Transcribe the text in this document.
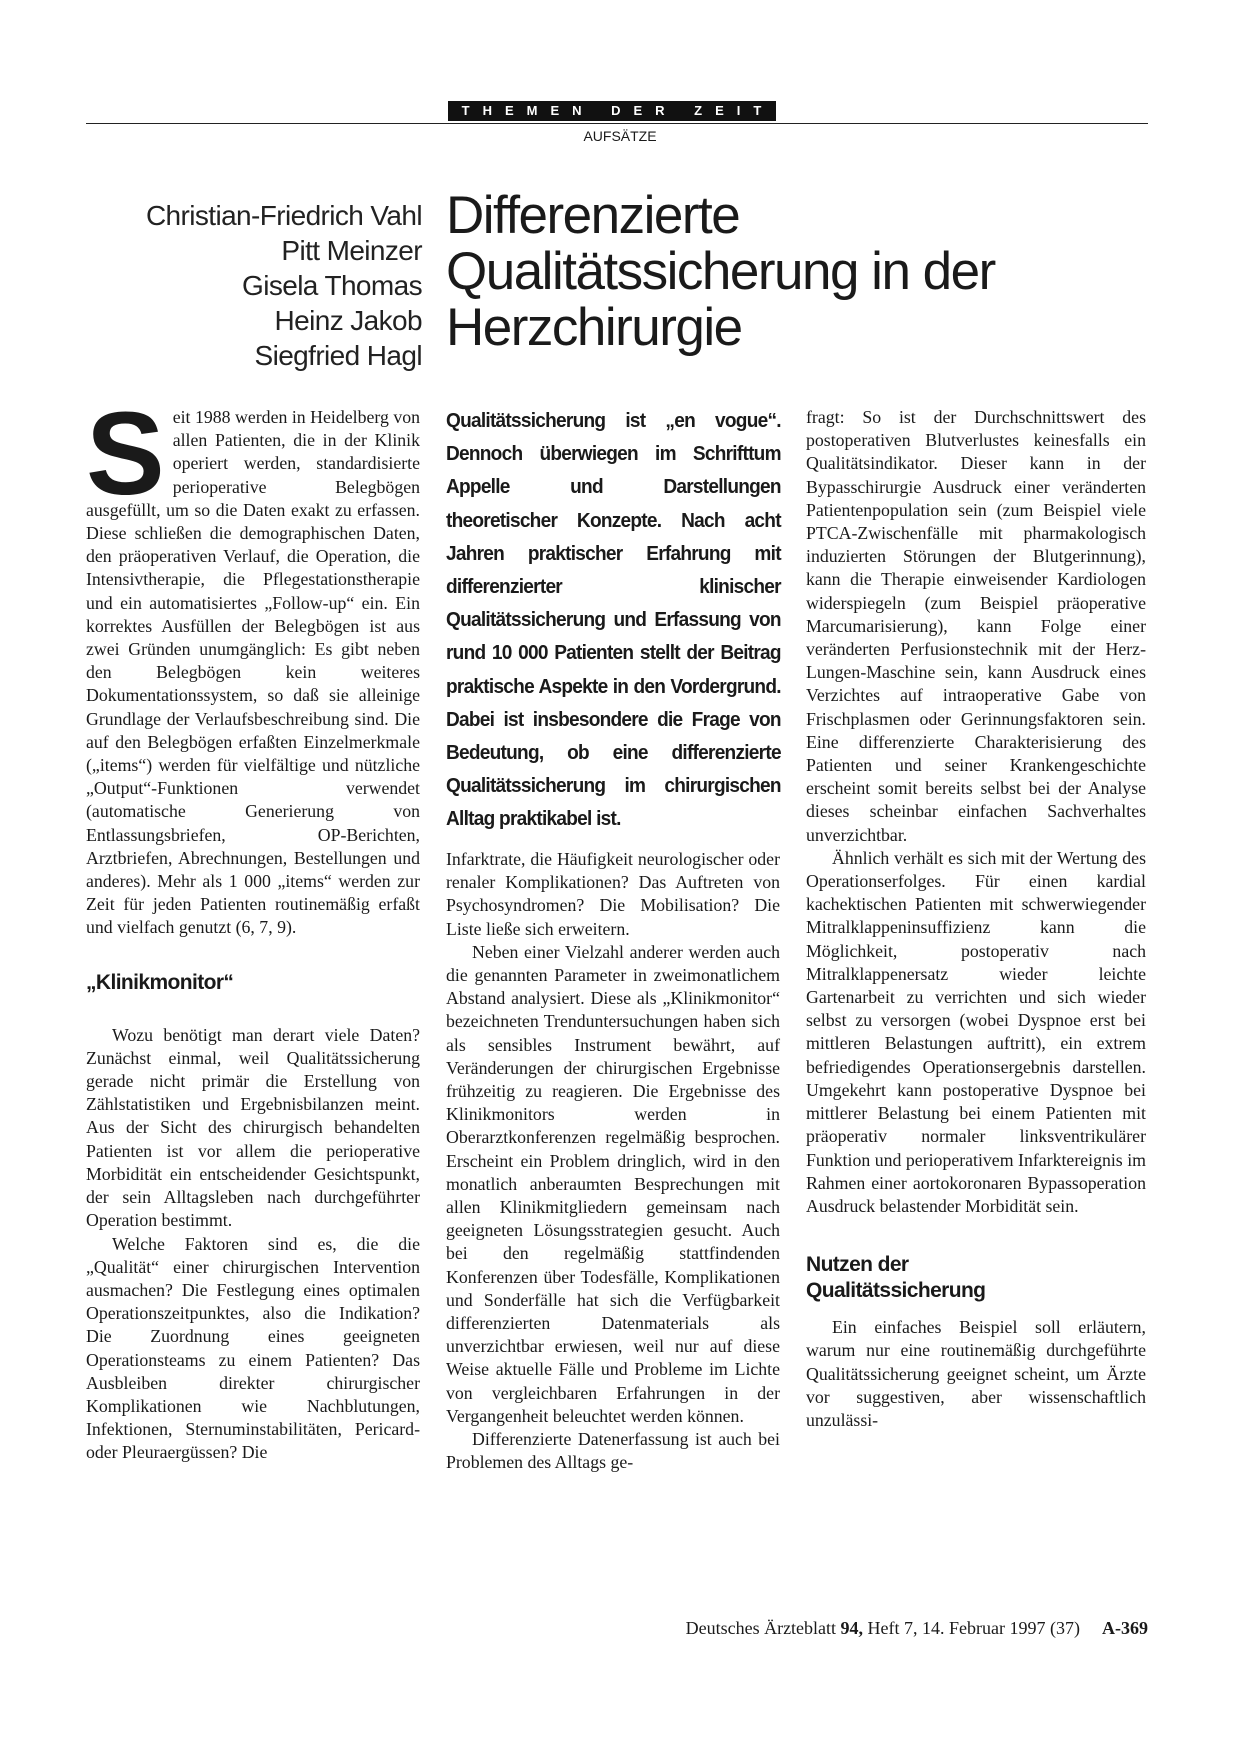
THEMEN DER ZEIT
AUFSÄTZE
Christian-Friedrich Vahl
Pitt Meinzer
Gisela Thomas
Heinz Jakob
Siegfried Hagl
Differenzierte
Qualitätssicherung in der
Herzchirurgie

Seit 1988 werden in Heidelberg von allen Patienten, die in der Klinik operiert werden, standardisierte perioperative Belegbögen ausgefüllt, um so die Daten exakt zu erfassen. Diese schließen die demographischen Daten, den präoperativen Verlauf, die Operation, die Intensivtherapie, die Pflegestationstherapie und ein automatisiertes „Follow-up“ ein. Ein korrektes Ausfüllen der Belegbögen ist aus zwei Gründen unumgänglich: Es gibt neben den Belegbögen kein weiteres Dokumentationssystem, so daß sie alleinige Grundlage der Verlaufsbeschreibung sind. Die auf den Belegbögen erfaßten Einzelmerkmale („items“) werden für vielfältige und nützliche „Output“-Funktionen verwendet (automatische Generierung von Entlassungsbriefen, OP-Berichten, Arztbriefen, Abrechnungen, Bestellungen und anderes). Mehr als 1 000 „items“ werden zur Zeit für jeden Patienten routinemäßig erfaßt und vielfach genutzt (6, 7, 9).

„Klinikmonitor“

Wozu benötigt man derart viele Daten? Zunächst einmal, weil Qualitätssicherung gerade nicht primär die Erstellung von Zählstatistiken und Ergebnisbilanzen meint. Aus der Sicht des chirurgisch behandelten Patienten ist vor allem die perioperative Morbidität ein entscheidender Gesichtspunkt, der sein Alltagsleben nach durchgeführter Operation bestimmt.

Welche Faktoren sind es, die die „Qualität“ einer chirurgischen Intervention ausmachen? Die Festlegung eines optimalen Operationszeitpunktes, also die Indikation? Die Zuordnung eines geeigneten Operationsteams zu einem Patienten? Das Ausbleiben direkter chirurgischer Komplikationen wie Nachblutungen, Infektionen, Sternuminstabilitäten, Pericard- oder Pleuraergüssen? Die

Qualitätssicherung ist „en vogue“. Dennoch überwiegen im Schrifttum Appelle und Darstellungen theoretischer Konzepte. Nach acht Jahren praktischer Erfahrung mit differenzierter klinischer Qualitätssicherung und Erfassung von rund 10 000 Patienten stellt der Beitrag praktische Aspekte in den Vordergrund. Dabei ist insbesondere die Frage von Bedeutung, ob eine differenzierte Qualitätssicherung im chirurgischen Alltag praktikabel ist.

Infarktrate, die Häufigkeit neurologischer oder renaler Komplikationen? Das Auftreten von Psychosyndromen? Die Mobilisation? Die Liste ließe sich erweitern.

Neben einer Vielzahl anderer werden auch die genannten Parameter in zweimonatlichem Abstand analysiert. Diese als „Klinikmonitor“ bezeichneten Trenduntersuchungen haben sich als sensibles Instrument bewährt, auf Veränderungen der chirurgischen Ergebnisse frühzeitig zu reagieren. Die Ergebnisse des Klinikmonitors werden in Oberarztkonferenzen regelmäßig besprochen. Erscheint ein Problem dringlich, wird in den monatlich anberaumten Besprechungen mit allen Klinikmitgliedern gemeinsam nach geeigneten Lösungsstrategien gesucht. Auch bei den regelmäßig stattfindenden Konferenzen über Todesfälle, Komplikationen und Sonderfälle hat sich die Verfügbarkeit differenzierten Datenmaterials als unverzichtbar erwiesen, weil nur auf diese Weise aktuelle Fälle und Probleme im Lichte von vergleichbaren Erfahrungen in der Vergangenheit beleuchtet werden können.

Differenzierte Datenerfassung ist auch bei Problemen des Alltags ge-

fragt: So ist der Durchschnittswert des postoperativen Blutverlustes keinesfalls ein Qualitätsindikator. Dieser kann in der Bypasschirurgie Ausdruck einer veränderten Patientenpopulation sein (zum Beispiel viele PTCA-Zwischenfälle mit pharmakologisch induzierten Störungen der Blutgerinnung), kann die Therapie einweisender Kardiologen widerspiegeln (zum Beispiel präoperative Marcumarisierung), kann Folge einer veränderten Perfusionstechnik mit der Herz-Lungen-Maschine sein, kann Ausdruck eines Verzichtes auf intraoperative Gabe von Frischplasmen oder Gerinnungsfaktoren sein. Eine differenzierte Charakterisierung des Patienten und seiner Krankengeschichte erscheint somit bereits selbst bei der Analyse dieses scheinbar einfachen Sachverhaltes unverzichtbar.

Ähnlich verhält es sich mit der Wertung des Operationserfolges. Für einen kardial kachektischen Patienten mit schwerwiegender Mitralklappeninsuffizienz kann die Möglichkeit, postoperativ nach Mitralklappenersatz wieder leichte Gartenarbeit zu verrichten und sich wieder selbst zu versorgen (wobei Dyspnoe erst bei mittleren Belastungen auftritt), ein extrem befriedigendes Operationsergebnis darstellen. Umgekehrt kann postoperative Dyspnoe bei mittlerer Belastung bei einem Patienten mit präoperativ normaler linksventrikulärer Funktion und perioperativem Infarktereignis im Rahmen einer aortokoronaren Bypassoperation Ausdruck belastender Morbidität sein.

Nutzen der
Qualitätssicherung

Ein einfaches Beispiel soll erläutern, warum nur eine routinemäßig durchgeführte Qualitätssicherung geeignet scheint, um Ärzte vor suggestiven, aber wissenschaftlich unzulässi-

Deutsches Ärzteblatt 94, Heft 7, 14. Februar 1997 (37) A-369
